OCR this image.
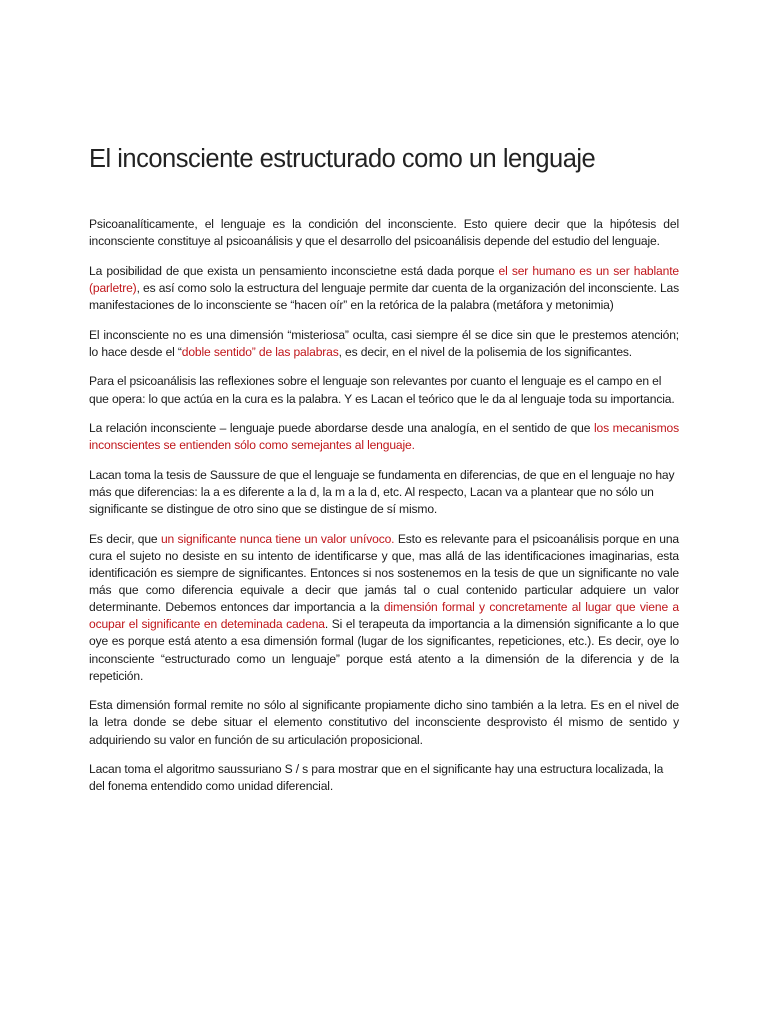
El inconsciente estructurado como un lenguaje

Psicoanalíticamente, el lenguaje es la condición del inconsciente. Esto quiere decir que la hipótesis del inconsciente constituye al psicoanálisis y que el desarrollo del psicoanálisis depende del estudio del lenguaje.

La posibilidad de que exista un pensamiento inconscietne está dada porque el ser humano es un ser hablante (parletre), es así como solo la estructura del lenguaje permite dar cuenta de la organización del inconsciente. Las manifestaciones de lo inconsciente se “hacen oír” en la retórica de la palabra (metáfora y metonimia)

El inconsciente no es una dimensión “misteriosa” oculta, casi siempre él se dice sin que le prestemos atención; lo hace desde el “doble sentido” de las palabras, es decir, en el nivel de la polisemia de los significantes.

Para el psicoanálisis las reflexiones sobre el lenguaje son relevantes por cuanto el lenguaje es el campo en el que opera: lo que actúa en la cura es la palabra. Y es Lacan el teórico que le da al lenguaje toda su importancia.

La relación inconsciente – lenguaje puede abordarse desde una analogía, en el sentido de que los mecanismos inconscientes se entienden sólo como semejantes al lenguaje.

Lacan toma la tesis de Saussure de que el lenguaje se fundamenta en diferencias, de que en el lenguaje no hay más que diferencias: la a es diferente a la d, la m a la d, etc. Al respecto, Lacan va a plantear que no sólo un significante se distingue de otro sino que se distingue de sí mismo.

Es decir, que un significante nunca tiene un valor unívoco. Esto es relevante para el psicoanálisis porque en una cura el sujeto no desiste en su intento de identificarse y que, mas allá de las identificaciones imaginarias, esta identificación es siempre de significantes. Entonces si nos sostenemos en la tesis de que un significante no vale más que como diferencia equivale a decir que jamás tal o cual contenido particular adquiere un valor determinante. Debemos entonces dar importancia a la dimensión formal y concretamente al lugar que viene a ocupar el significante en deteminada cadena. Si el terapeuta da importancia a la dimensión significante a lo que oye es porque está atento a esa dimensión formal (lugar de los significantes, repeticiones, etc.). Es decir, oye lo inconsciente “estructurado como un lenguaje” porque está atento a la dimensión de la diferencia y de la repetición.

Esta dimensión formal remite no sólo al significante propiamente dicho sino también a la letra. Es en el nivel de la letra donde se debe situar el elemento constitutivo del inconsciente desprovisto él mismo de sentido y adquiriendo su valor en función de su articulación proposicional.

Lacan toma el algoritmo saussuriano S / s para mostrar que en el significante hay una estructura localizada, la del fonema entendido como unidad diferencial.
